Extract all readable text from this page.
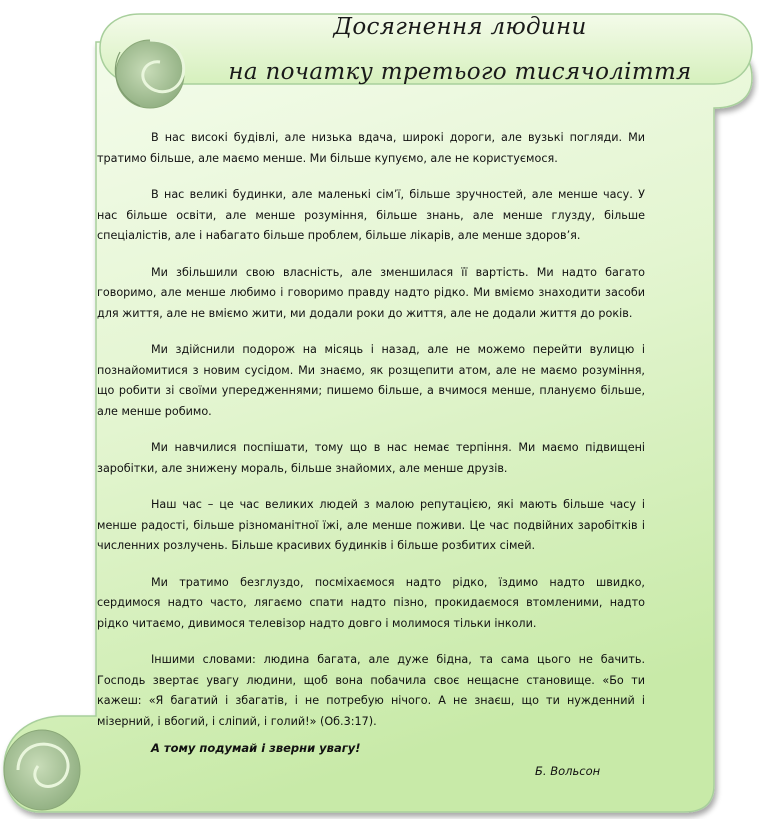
Досягнення людини
на початку третього тисячоліття

В нас високі будівлі, але низька вдача, широкі дороги, але вузькі погляди. Ми тратимо більше, але маємо менше. Ми більше купуємо, але не користуємося.

В нас великі будинки, але маленькі сім’ї, більше зручностей, але менше часу. У нас більше освіти, але менше розуміння, більше знань, але менше глузду, більше спеціалістів, але і набагато більше проблем, більше лікарів, але менше здоров’я.

Ми збільшили свою власність, але зменшилася її вартість. Ми надто багато говоримо, але менше любимо і говоримо правду надто рідко. Ми вміємо знаходити засоби для життя, але не вміємо жити, ми додали роки до життя, але не додали життя до років.

Ми здійснили подорож на місяць і назад, але не можемо перейти вулицю і познайомитися з новим сусідом. Ми знаємо, як розщепити атом, але не маємо розуміння, що робити зі своїми упередженнями; пишемо більше, а вчимося менше, плануємо більше, але менше робимо.

Ми навчилися поспішати, тому що в нас немає терпіння. Ми маємо підвищені заробітки, але знижену мораль, більше знайомих, але менше друзів.

Наш час – це час великих людей з малою репутацією, які мають більше часу і менше радості, більше різноманітної їжі, але менше поживи. Це час подвійних заробітків і численних розлучень. Більше красивих будинків і більше розбитих сімей.

Ми тратимо безглуздо, посміхаємося надто рідко, їздимо надто швидко, сердимося надто часто, лягаємо спати надто пізно, прокидаємося втомленими, надто рідко читаємо, дивимося телевізор надто довго і молимося тільки інколи.

Іншими словами: людина багата, але дуже бідна, та сама цього не бачить. Господь звертає увагу людини, щоб вона побачила своє нещасне становище. «Бо ти кажеш: «Я багатий і збагатів, і не потребую нічого. А не знаєш, що ти нужденний і мізерний, і вбогий, і сліпий, і голий!» (Об.3:17).

А тому подумай і зверни увагу!
Б. Вольсон
